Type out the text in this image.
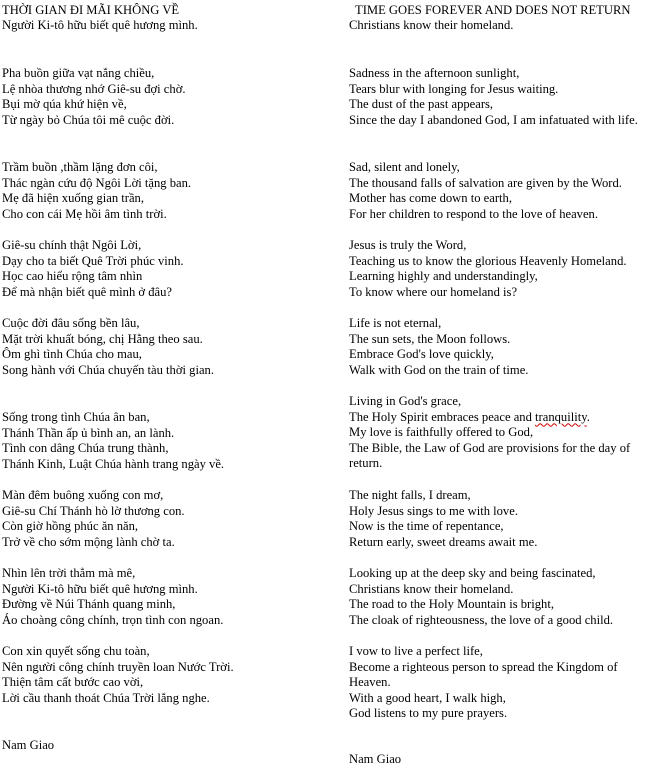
THỜI GIAN ĐI MÃI KHÔNG VỀ
Người Ki-tô hữu biết quê hương mình.
Pha buồn giữa vạt nắng chiều,
Lệ nhòa thương nhớ Giê-su đợi chờ.
Bụi mờ qúa khứ hiện về,
Từ ngày bỏ Chúa tôi mê cuộc đời.
Trầm buồn ,thầm lặng đơn côi,
Thác ngàn cứu độ Ngôi Lời tặng ban.
Mẹ đã hiện xuống gian trần,
Cho con cái Mẹ hồi âm tình trời.
Giê-su chính thật Ngôi Lời,
Dạy cho ta biết Quê Trời phúc vinh.
Học cao hiểu rộng tâm nhìn
Để mà nhận biết quê mình ở đâu?
Cuộc đời đâu sống bền lâu,
Mặt trời khuất bóng, chị Hằng theo sau.
Ôm ghì tình Chúa cho mau,
Song hành với Chúa chuyến tàu thời gian.
Sống trong tình Chúa ân ban,
Thánh Thần ấp ủ bình an, an lành.
Tình con dâng Chúa trung thành,
Thánh Kinh, Luật Chúa hành trang ngày về.
Màn đêm buông xuống con mơ,
Giê-su Chí Thánh hò lờ thương con.
Còn giờ hồng phúc ăn năn,
Trở về cho sớm mộng lành chờ ta.
Nhìn lên trời thẳm mà mê,
Người Ki-tô hữu biết quê hương mình.
Đường về Núi Thánh quang minh,
Áo choàng công chính, trọn tình con ngoan.
Con xin quyết sống chu toàn,
Nên người công chính truyền loan Nước Trời.
Thiện tâm cất bước cao vời,
Lời cầu thanh thoát Chúa Trời lắng nghe.
Nam Giao
TIME GOES FOREVER AND DOES NOT RETURN
Christians know their homeland.
Sadness in the afternoon sunlight,
Tears blur with longing for Jesus waiting.
The dust of the past appears,
Since the day I abandoned God, I am infatuated with life.
Sad, silent and lonely,
The thousand falls of salvation are given by the Word.
Mother has come down to earth,
For her children to respond to the love of heaven.
Jesus is truly the Word,
Teaching us to know the glorious Heavenly Homeland.
Learning highly and understandingly,
To know where our homeland is?
Life is not eternal,
The sun sets, the Moon follows.
Embrace God's love quickly,
Walk with God on the train of time.
Living in God's grace,
The Holy Spirit embraces peace and tranquility.
My love is faithfully offered to God,
The Bible, the Law of God are provisions for the day of return.
The night falls, I dream,
Holy Jesus sings to me with love.
Now is the time of repentance,
Return early, sweet dreams await me.
Looking up at the deep sky and being fascinated,
Christians know their homeland.
The road to the Holy Mountain is bright,
The cloak of righteousness, the love of a good child.
I vow to live a perfect life,
Become a righteous person to spread the Kingdom of Heaven.
With a good heart, I walk high,
God listens to my pure prayers.
Nam Giao
